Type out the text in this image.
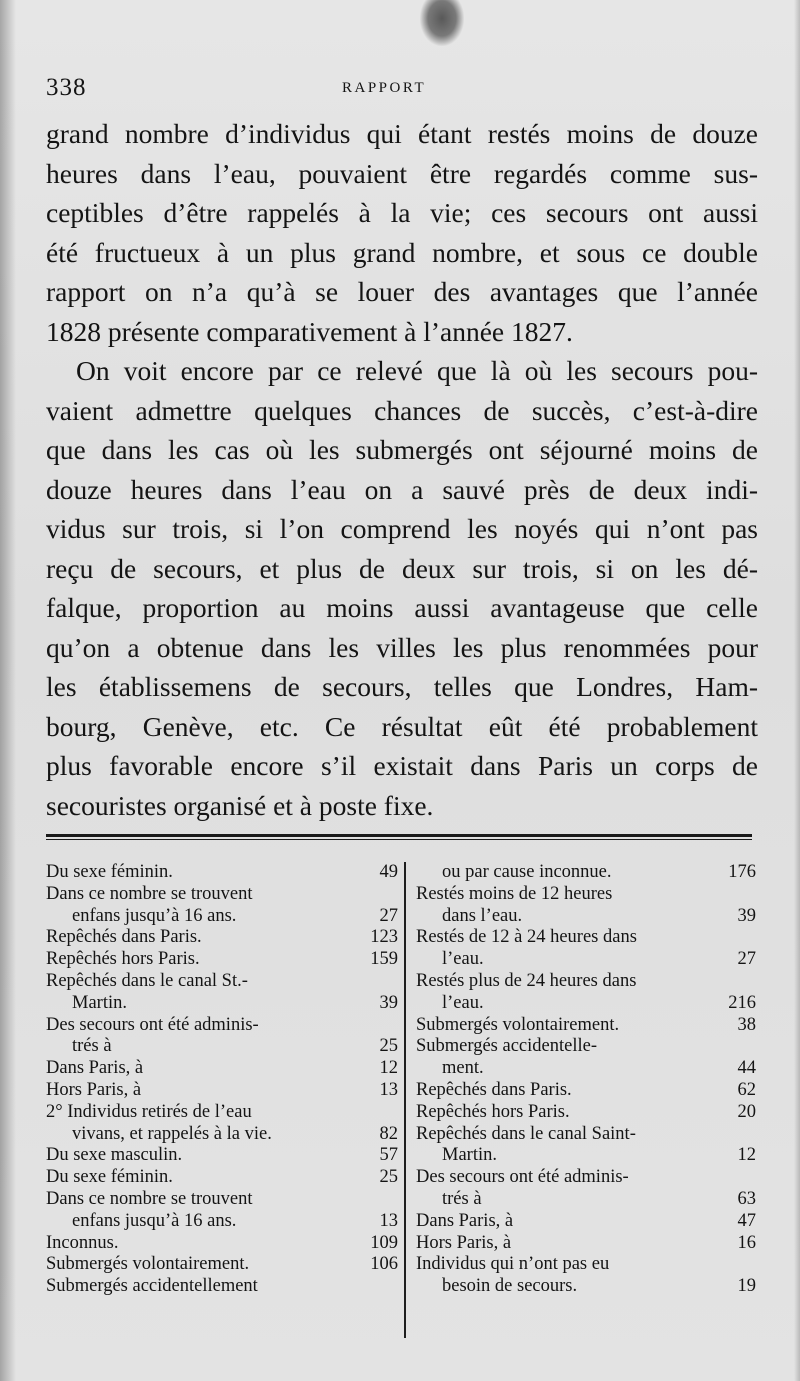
338	RAPPORT
grand nombre d’individus qui étant restés moins de douze
heures dans l’eau, pouvaient être regardés comme sus-
ceptibles d’être rappelés à la vie; ces secours ont aussi
été fructueux à un plus grand nombre, et sous ce double
rapport on n’a qu’à se louer des avantages que l’année
1828 présente comparativement à l’année 1827.
On voit encore par ce relevé que là où les secours pou-
vaient admettre quelques chances de succès, c’est-à-dire
que dans les cas où les submergés ont séjourné moins de
douze heures dans l’eau on a sauvé près de deux indi-
vidus sur trois, si l’on comprend les noyés qui n’ont pas
reçu de secours, et plus de deux sur trois, si on les dé-
falque, proportion au moins aussi avantageuse que celle
qu’on a obtenue dans les villes les plus renommées pour
les établissemens de secours, telles que Londres, Ham-
bourg, Genève, etc. Ce résultat eût été probablement
plus favorable encore s’il existait dans Paris un corps de
secouristes organisé et à poste fixe.
Du sexe féminin.	49
Dans ce nombre se trouvent
enfans jusqu’à 16 ans.	27
Repêchés dans Paris.	123
Repêchés hors Paris.	159
Repêchés dans le canal St.-
Martin.	39
Des secours ont été adminis-
trés à	25
Dans Paris, à	12
Hors Paris, à	13
2° Individus retirés de l’eau
vivans, et rappelés à la vie.	82
Du sexe masculin.	57
Du sexe féminin.	25
Dans ce nombre se trouvent
enfans jusqu’à 16 ans.	13
Inconnus.	109
Submergés volontairement.	106
Submergés accidentellement
ou par cause inconnue.	176
Restés moins de 12 heures
dans l’eau.	39
Restés de 12 à 24 heures dans
l’eau.	27
Restés plus de 24 heures dans
l’eau.	216
Submergés volontairement.	38
Submergés accidentelle-
ment.	44
Repêchés dans Paris.	62
Repêchés hors Paris.	20
Repêchés dans le canal Saint-
Martin.	12
Des secours ont été adminis-
trés à	63
Dans Paris, à	47
Hors Paris, à	16
Individus qui n’ont pas eu
besoin de secours.	19
